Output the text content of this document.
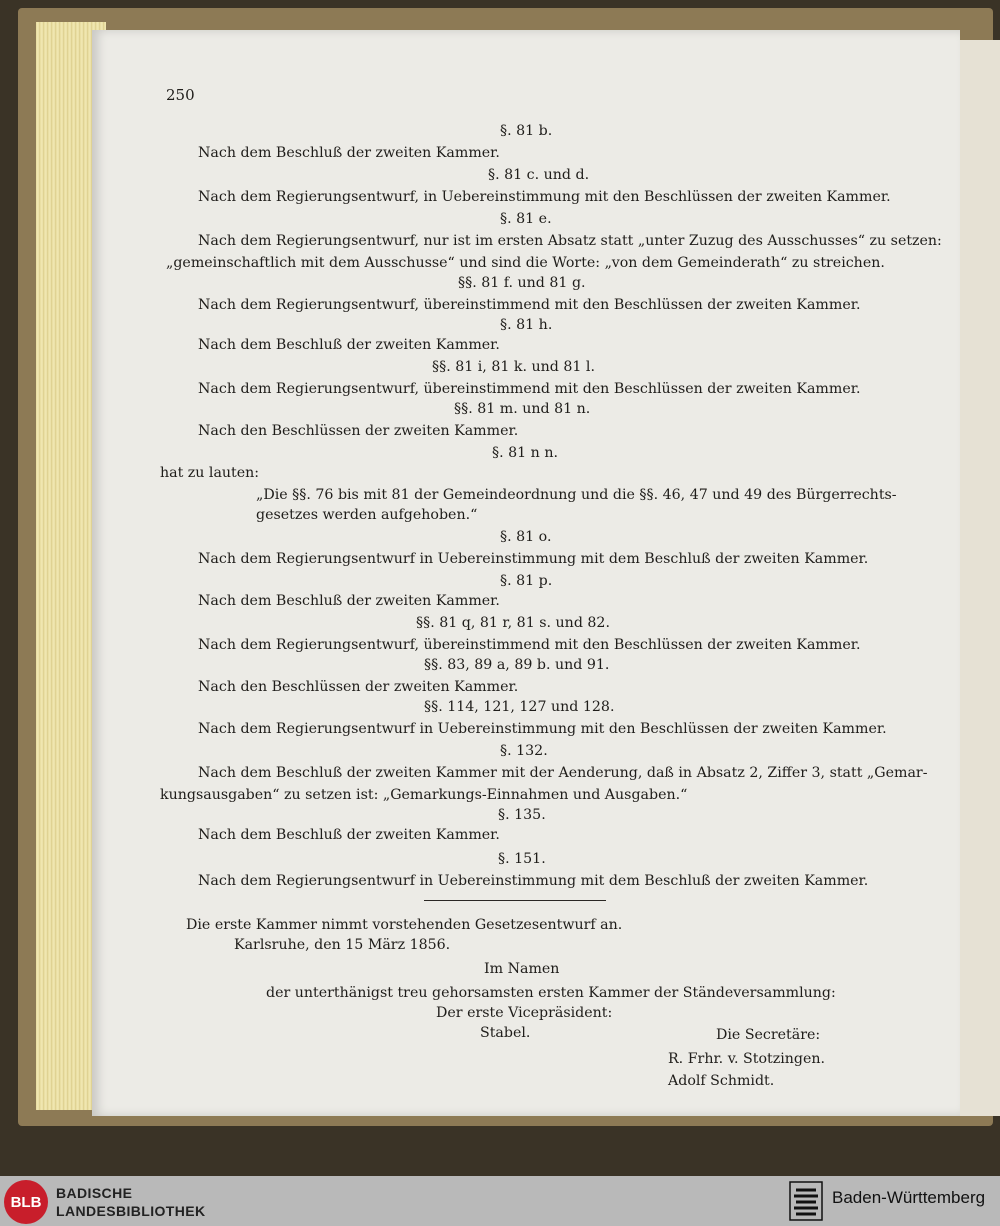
250
§. 81 b.
Nach dem Beschluß der zweiten Kammer.
§. 81 c. und d.
Nach dem Regierungsentwurf, in Uebereinstimmung mit den Beschlüssen der zweiten Kammer.
§. 81 e.
Nach dem Regierungsentwurf, nur ist im ersten Absatz statt „unter Zuzug des Ausschusses“ zu setzen:
„gemeinschaftlich mit dem Ausschusse“ und sind die Worte: „von dem Gemeinderath“ zu streichen.
§§. 81 f. und 81 g.
Nach dem Regierungsentwurf, übereinstimmend mit den Beschlüssen der zweiten Kammer.
§. 81 h.
Nach dem Beschluß der zweiten Kammer.
§§. 81 i, 81 k. und 81 l.
Nach dem Regierungsentwurf, übereinstimmend mit den Beschlüssen der zweiten Kammer.
§§. 81 m. und 81 n.
Nach den Beschlüssen der zweiten Kammer.
§. 81 n n.
hat zu lauten:
„Die §§. 76 bis mit 81 der Gemeindeordnung und die §§. 46, 47 und 49 des Bürgerrechts-
gesetzes werden aufgehoben.“
§. 81 o.
Nach dem Regierungsentwurf in Uebereinstimmung mit dem Beschluß der zweiten Kammer.
§. 81 p.
Nach dem Beschluß der zweiten Kammer.
§§. 81 q, 81 r, 81 s. und 82.
Nach dem Regierungsentwurf, übereinstimmend mit den Beschlüssen der zweiten Kammer.
§§. 83, 89 a, 89 b. und 91.
Nach den Beschlüssen der zweiten Kammer.
§§. 114, 121, 127 und 128.
Nach dem Regierungsentwurf in Uebereinstimmung mit den Beschlüssen der zweiten Kammer.
§. 132.
Nach dem Beschluß der zweiten Kammer mit der Aenderung, daß in Absatz 2, Ziffer 3, statt „Gemar-
kungsausgaben“ zu setzen ist: „Gemarkungs-Einnahmen und Ausgaben.“
§. 135.
Nach dem Beschluß der zweiten Kammer.
§. 151.
Nach dem Regierungsentwurf in Uebereinstimmung mit dem Beschluß der zweiten Kammer.
Die erste Kammer nimmt vorstehenden Gesetzesentwurf an.
Karlsruhe, den 15 März 1856.
Im Namen
der unterthänigst treu gehorsamsten ersten Kammer der Ständeversammlung:
Der erste Vicepräsident:
Stabel.	Die Secretäre:
R. Frhr. v. Stotzingen.
Adolf Schmidt.
BLB
BADISCHE
LANDESBIBLIOTHEK
Baden-Württemberg
